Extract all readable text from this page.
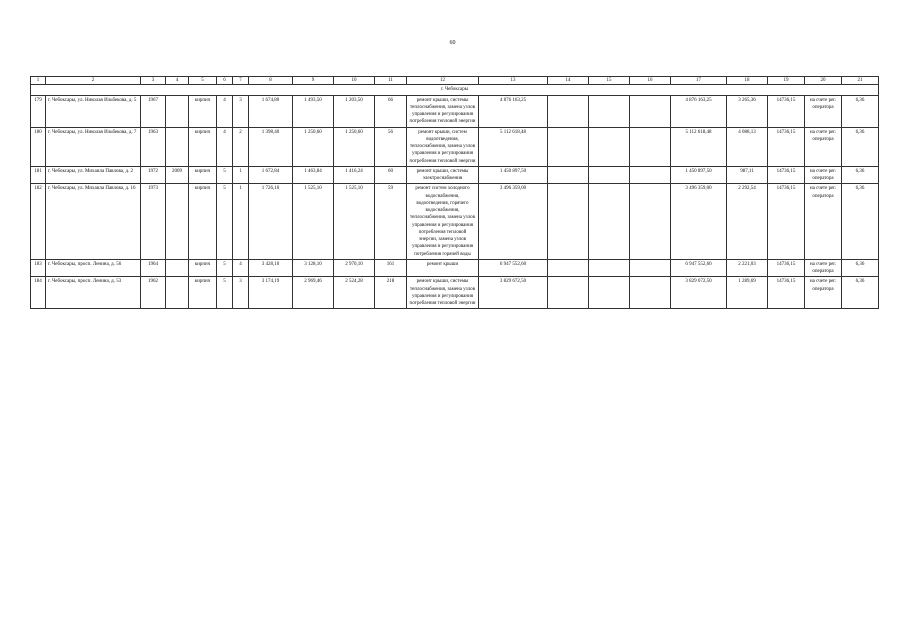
60
1	2	3	4	5	6	7	8	9	10	11	12	13	14	15	16	17	18	19	20	21
г. Чебоксары																				
179	г. Чебоксары, ул. Николая Ильбекова, д. 5	1967		кирпич	4	3	1 674,80	1 493,50	1 203,50	66	ремонт крыши, системы теплоснабжения, замена узлов управления и регулирования потребления тепловой энергии	4 876 163,25				4 876 163,25	3 265,36	14736,15	на счете рег. оператора	6,36
180	г. Чебоксары, ул. Николая Ильбекова, д. 7	1963		кирпич	4	2	1 398,40	1 250,60	1 250,60	56	ремонт крыши, систем водоотведения, теплоснабжения, замена узлов управления и регулирования потребления тепловой энергии	5 112 618,48				5 112 618,48	4 088,13	14736,15	на счете рег. оператора	6,36
181	г. Чебоксары, ул. Михаила Павлова, д. 2	1972	2009	кирпич	5	1	1 672,84	1 463,84	1 416,24	60	ремонт крыши, системы электроснабжения	1 450 897,50				1 450 897,50	987,11	14736,15	на счете рег. оператора	6,36
182	г. Чебоксары, ул. Михаила Павлова, д. 16	1973		кирпич	5	1	1 726,10	1 525,10	1 525,10	59	ремонт систем холодного водоснабжения, водоотведения, горячего водоснабжения, теплоснабжения, замена узлов управления и регулирования потребления тепловой энергии, замена узлов управления и регулирования потребления горячей воды	3 496 359,00				3 496 359,00	2 292,54	14736,15	на счете рег. оператора	6,36
183	г. Чебоксары, просп. Ленина, д. 56	1964		кирпич	5	4	3 428,10	3 128,10	2 970,10	161	ремонт крыши	6 947 552,60				6 947 552,60	2 221,03	14736,15	на счете рег. оператора	6,36
184	г. Чебоксары, просп. Ленина, д. 53	1962		кирпич	5	3	3 174,19	2 969,46	2 524,28	218	ремонт крыши, системы теплоснабжения, замена узлов управления и регулирования потребления тепловой энергии	3 829 672,50				3 829 672,50	1 289,69	14736,15	на счете рег. оператора	6,36
